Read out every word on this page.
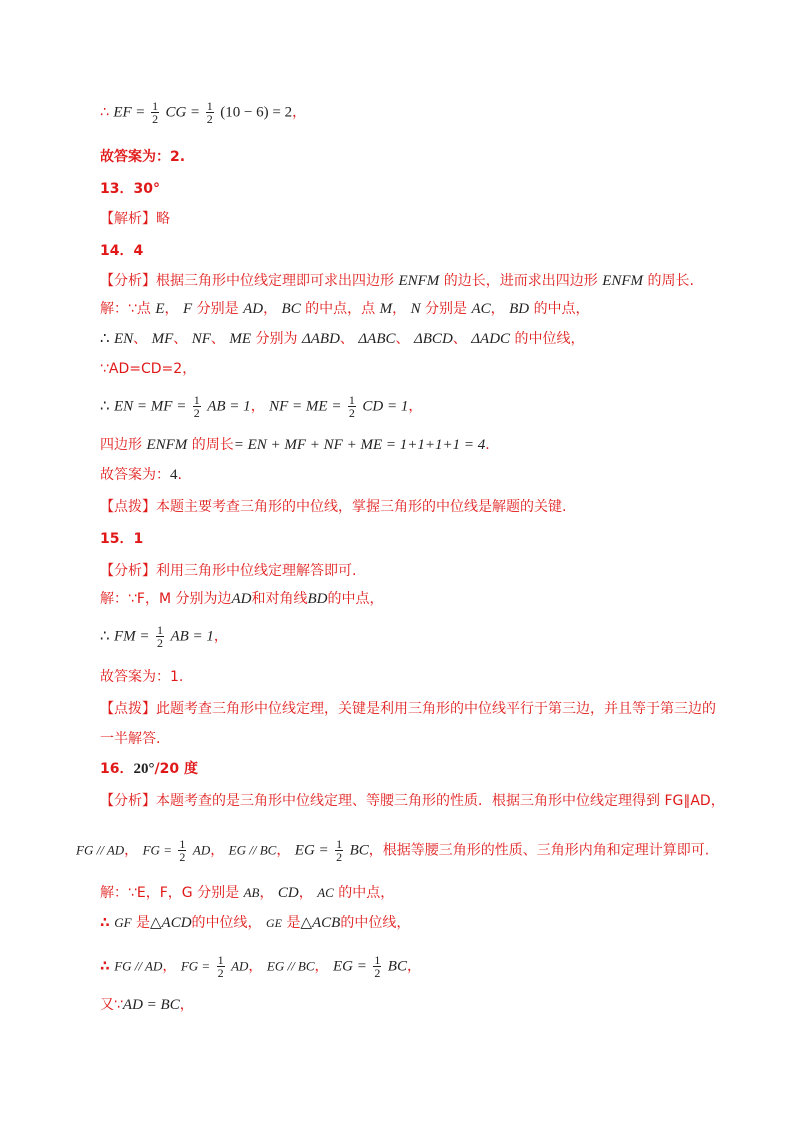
∴ EF = $\frac{1}{2}$ CG = $\frac{1}{2} (10 - 6) = 2$，
故答案为：2.
13．30°
【解析】略
14．4
【分析】根据三角形中位线定理即可求出四边形 ENFM 的边长，进而求出四边形 ENFM 的周长.
解：∵点 E， F 分别是 AD， BC 的中点，点 M， N 分别是 AC， BD 的中点，
∴ EN、 MF、 NF、 ME 分别为 ΔABD、 ΔABC、 ΔBCD、 ΔADC 的中位线，
∵AD=CD=2，
∴ EN = MF = $\frac{1}{2}$ AB = 1， NF = ME = $\frac{1}{2}$ CD = 1，
四边形 ENFM 的周长= EN + MF + NF + ME = 1+1+1+1 = 4.
故答案为：4.
【点拨】本题主要考查三角形的中位线，掌握三角形的中位线是解题的关键.
15．1
【分析】利用三角形中位线定理解答即可.
解：∵F，M 分别为边AD和对角线BD的中点，
∴ FM = $\frac{1}{2}$ AB = 1，
故答案为：1.
【点拨】此题考查三角形中位线定理，关键是利用三角形的中位线平行于第三边，并且等于第三边的
一半解答.
16．20°/20 度
【分析】本题考查的是三角形中位线定理、等腰三角形的性质．根据三角形中位线定理得到 FG∥AD，
FG // AD， FG = $\frac{1}{2}$ AD， EG // BC， EG = $\frac{1}{2}$ BC，根据等腰三角形的性质、三角形内角和定理计算即可.
解：∵E，F，G 分别是 AB， CD， AC 的中点，
∴ GF 是△ACD的中位线， GE 是△ACB的中位线，
∴ FG // AD， FG = $\frac{1}{2}$ AD， EG // BC， EG = $\frac{1}{2}$ BC，
又∵AD = BC，
